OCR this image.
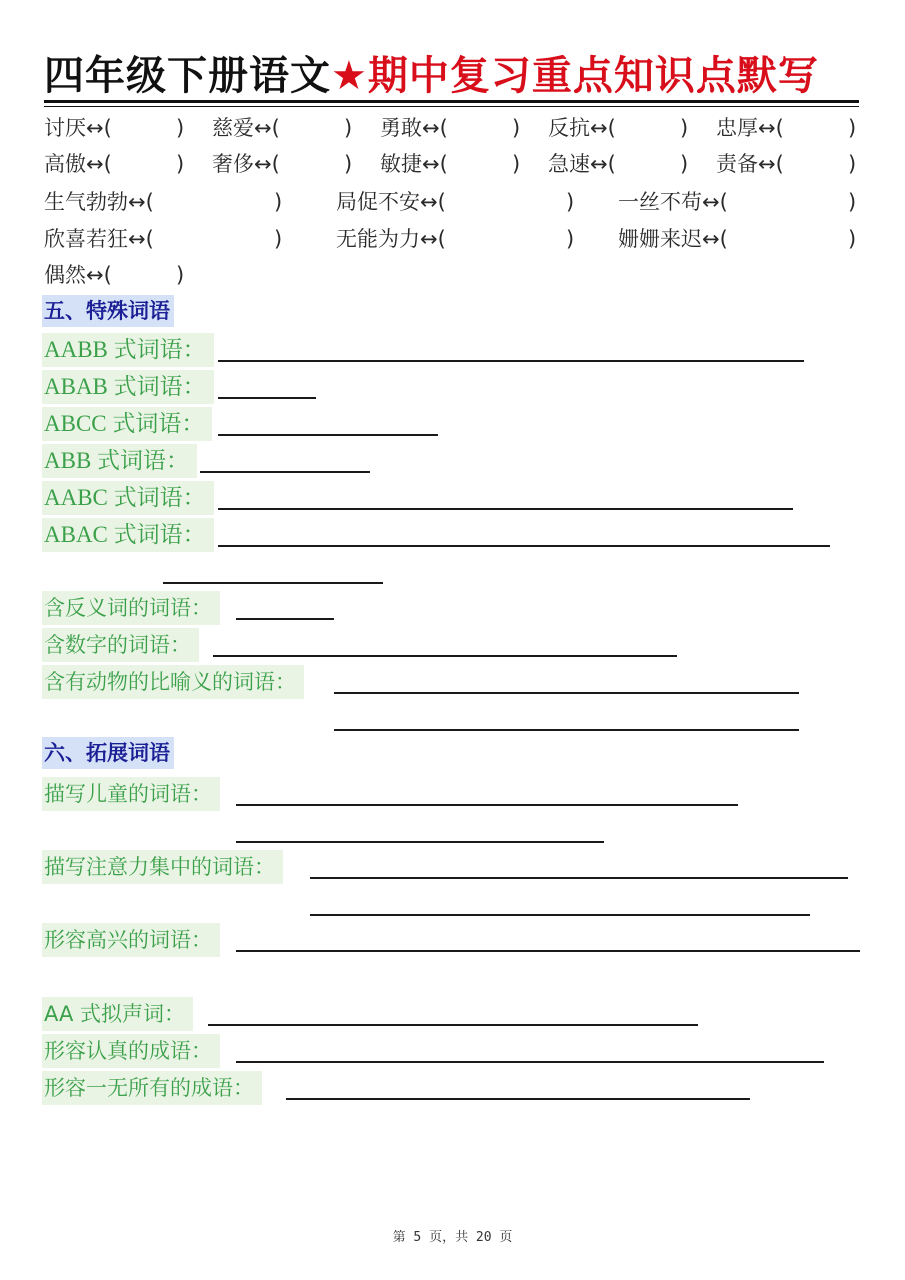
四年级下册语文★期中复习重点知识点默写
讨厌↔(	) 慈爱↔(	) 勇敢↔(	) 反抗↔(	) 忠厚↔(	)
高傲↔(	) 奢侈↔(	) 敏捷↔(	) 急速↔(	) 责备↔(	)
生气勃勃↔(	)	局促不安↔(	) 一丝不苟↔(	)
欣喜若狂↔(	)	无能为力↔(	) 姗姗来迟↔(	)
偶然↔(	)
五、特殊词语
AABB 式词语：
ABAB 式词语：
ABCC 式词语：
ABB 式词语：
AABC 式词语：
ABAC 式词语：
含反义词的词语：
含数字的词语：
含有动物的比喻义的词语：
六、拓展词语
描写儿童的词语：
描写注意力集中的词语：
形容高兴的词语：
AA 式拟声词：
形容认真的成语：
形容一无所有的成语：
第 5 页，共 20 页
